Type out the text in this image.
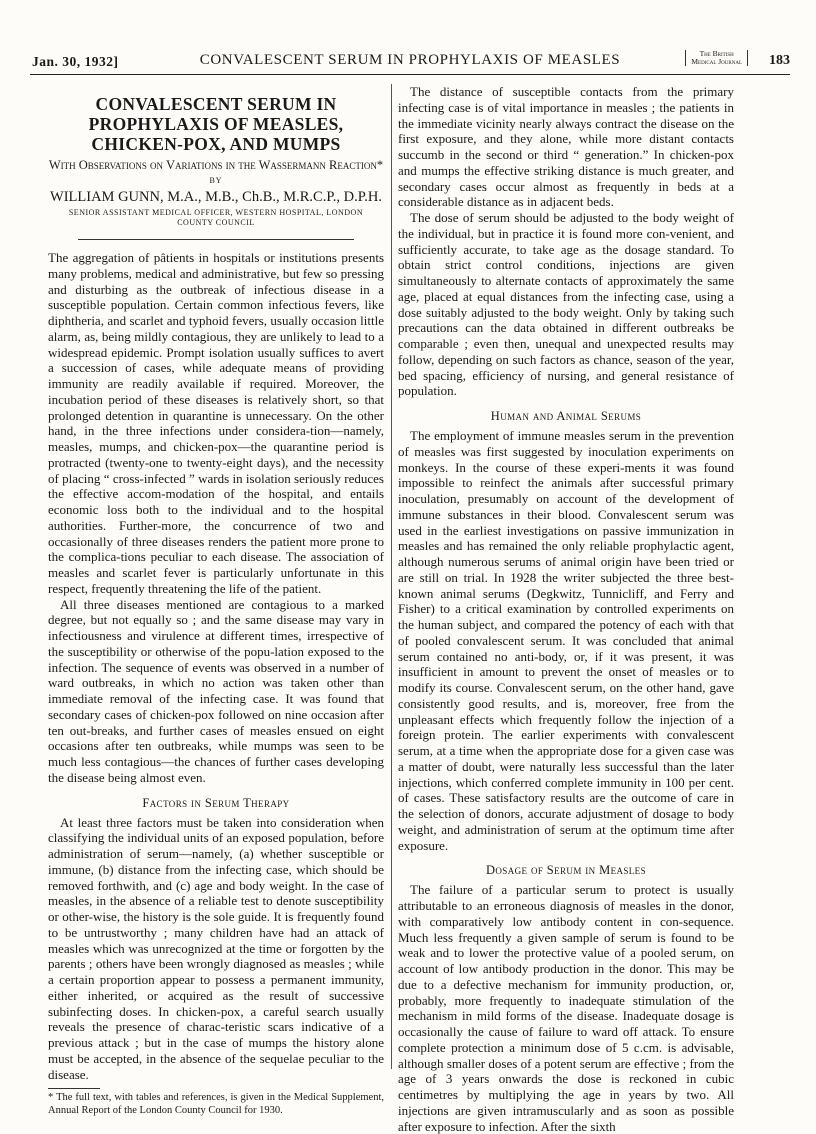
Jan. 30, 1932]	CONVALESCENT SERUM IN PROPHYLAXIS OF MEASLES	The British
Medical Journal 183
CONVALESCENT SERUM IN PROPHYLAXIS OF MEASLES, CHICKEN-POX, AND MUMPS
With Observations on Variations in the Wassermann Reaction*
BY
WILLIAM GUNN, M.A., M.B., Ch.B., M.R.C.P., D.P.H.
SENIOR ASSISTANT MEDICAL OFFICER, WESTERN HOSPITAL, LONDON COUNTY COUNCIL

The aggregation of pâtients in hospitals or institutions presents many problems, medical and administrative, but few so pressing and disturbing as the outbreak of infectious disease in a susceptible population. Certain common infectious fevers, like diphtheria, and scarlet and typhoid fevers, usually occasion little alarm, as, being mildly contagious, they are unlikely to lead to a widespread epidemic. Prompt isolation usually suffices to avert a succession of cases, while adequate means of providing immunity are readily available if required. Moreover, the incubation period of these diseases is relatively short, so that prolonged detention in quarantine is unnecessary. On the other hand, in the three infections under considera-tion—namely, measles, mumps, and chicken-pox—the quarantine period is protracted (twenty-one to twenty-eight days), and the necessity of placing “ cross-infected ” wards in isolation seriously reduces the effective accom-modation of the hospital, and entails economic loss both to the individual and to the hospital authorities. Further-more, the concurrence of two and occasionally of three diseases renders the patient more prone to the complica-tions peculiar to each disease. The association of measles and scarlet fever is particularly unfortunate in this respect, frequently threatening the life of the patient.

All three diseases mentioned are contagious to a marked degree, but not equally so ; and the same disease may vary in infectiousness and virulence at different times, irrespective of the susceptibility or otherwise of the popu-lation exposed to the infection. The sequence of events was observed in a number of ward outbreaks, in which no action was taken other than immediate removal of the infecting case. It was found that secondary cases of chicken-pox followed on nine occasion after ten out-breaks, and further cases of measles ensued on eight occasions after ten outbreaks, while mumps was seen to be much less contagious—the chances of further cases developing the disease being almost even.

Factors in Serum Therapy

At least three factors must be taken into consideration when classifying the individual units of an exposed population, before administration of serum—namely, (a) whether susceptible or immune, (b) distance from the infecting case, which should be removed forthwith, and (c) age and body weight. In the case of measles, in the absence of a reliable test to denote susceptibility or other-wise, the history is the sole guide. It is frequently found to be untrustworthy ; many children have had an attack of measles which was unrecognized at the time or forgotten by the parents ; others have been wrongly diagnosed as measles ; while a certain proportion appear to possess a permanent immunity, either inherited, or acquired as the result of successive subinfecting doses. In chicken-pox, a careful search usually reveals the presence of charac-teristic scars indicative of a previous attack ; but in the case of mumps the history alone must be accepted, in the absence of the sequelae peculiar to the disease.

* The full text, with tables and references, is given in the Medical Supplement, Annual Report of the London County Council for 1930.

The distance of susceptible contacts from the primary infecting case is of vital importance in measles ; the patients in the immediate vicinity nearly always contract the disease on the first exposure, and they alone, while more distant contacts succumb in the second or third “ generation.” In chicken-pox and mumps the effective striking distance is much greater, and secondary cases occur almost as frequently in beds at a considerable distance as in adjacent beds.

The dose of serum should be adjusted to the body weight of the individual, but in practice it is found more con-venient, and sufficiently accurate, to take age as the dosage standard. To obtain strict control conditions, injections are given simultaneously to alternate contacts of approximately the same age, placed at equal distances from the infecting case, using a dose suitably adjusted to the body weight. Only by taking such precautions can the data obtained in different outbreaks be comparable ; even then, unequal and unexpected results may follow, depending on such factors as chance, season of the year, bed spacing, efficiency of nursing, and general resistance of population.

Human and Animal Serums

The employment of immune measles serum in the prevention of measles was first suggested by inoculation experiments on monkeys. In the course of these experi-ments it was found impossible to reinfect the animals after successful primary inoculation, presumably on account of the development of immune substances in their blood. Convalescent serum was used in the earliest investigations on passive immunization in measles and has remained the only reliable prophylactic agent, although numerous serums of animal origin have been tried or are still on trial. In 1928 the writer subjected the three best-known animal serums (Degkwitz, Tunnicliff, and Ferry and Fisher) to a critical examination by controlled experiments on the human subject, and compared the potency of each with that of pooled convalescent serum. It was concluded that animal serum contained no anti-body, or, if it was present, it was insufficient in amount to prevent the onset of measles or to modify its course. Convalescent serum, on the other hand, gave consistently good results, and is, moreover, free from the unpleasant effects which frequently follow the injection of a foreign protein. The earlier experiments with convalescent serum, at a time when the appropriate dose for a given case was a matter of doubt, were naturally less successful than the later injections, which conferred complete immunity in 100 per cent. of cases. These satisfactory results are the outcome of care in the selection of donors, accurate adjustment of dosage to body weight, and administration of serum at the optimum time after exposure.

Dosage of Serum in Measles

The failure of a particular serum to protect is usually attributable to an erroneous diagnosis of measles in the donor, with comparatively low antibody content in con-sequence. Much less frequently a given sample of serum is found to be weak and to lower the protective value of a pooled serum, on account of low antibody production in the donor. This may be due to a defective mechanism for immunity production, or, probably, more frequently to inadequate stimulation of the mechanism in mild forms of the disease. Inadequate dosage is occasionally the cause of failure to ward off attack. To ensure complete protection a minimum dose of 5 c.cm. is advisable, although smaller doses of a potent serum are effective ; from the age of 3 years onwards the dose is reckoned in cubic centimetres by multiplying the age in years by two. All injections are given intramuscularly and as soon as possible after exposure to infection. After the sixth
